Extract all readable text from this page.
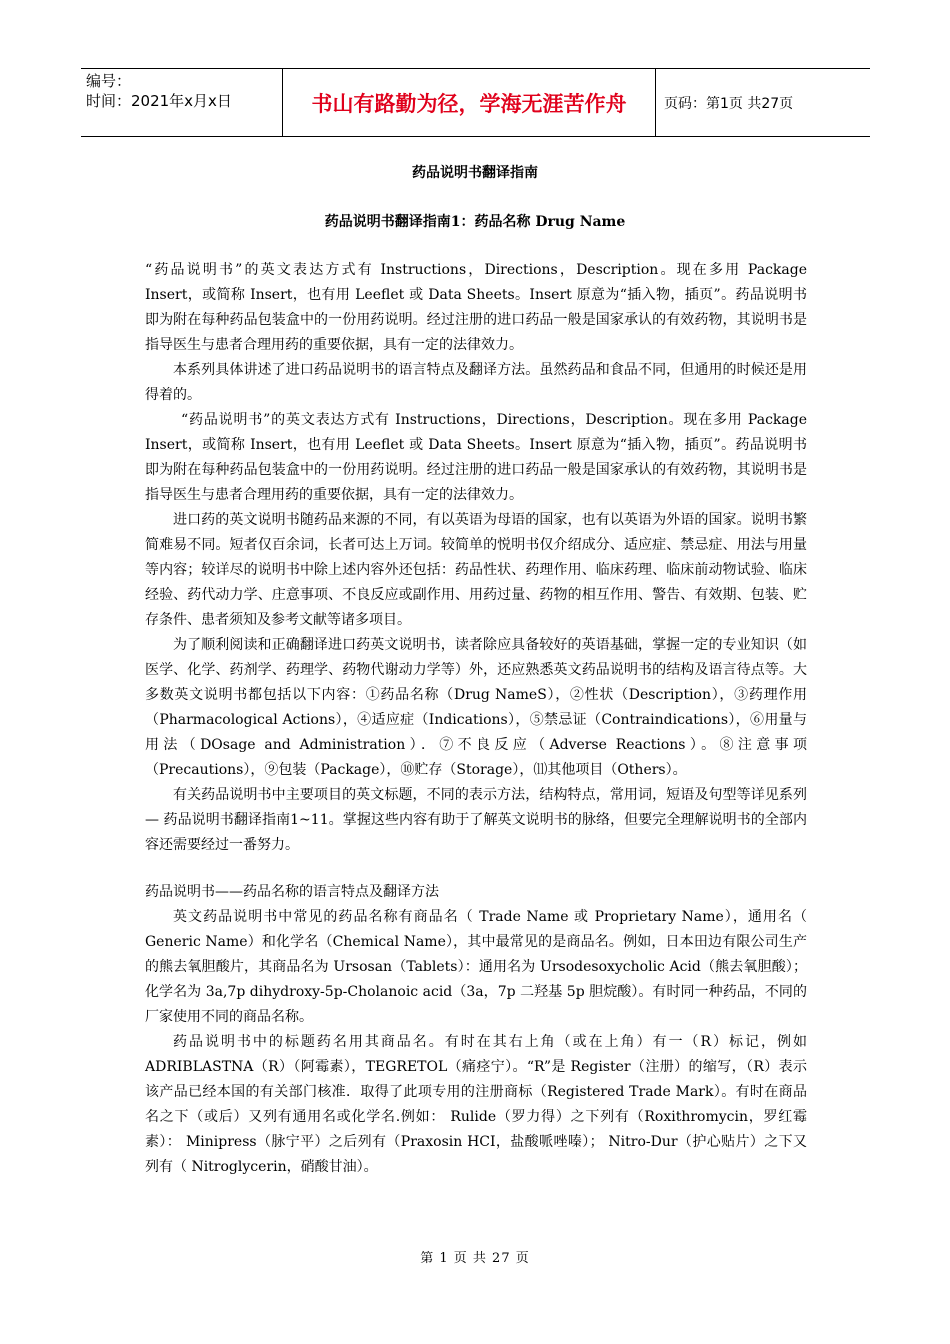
编号：
时间：2021年x月x日	书山有路勤为径，学海无涯苦作舟	页码：第1页 共27页
药品说明书翻译指南
药品说明书翻译指南1：药品名称 Drug Name

“药品说明书”的英文表达方式有 Instructions，Directions，Description。现在多用 Package Insert，或简称 Insert，也有用 Leeflet 或 Data Sheets。Insert 原意为“插入物，插页”。药品说明书即为附在每种药品包装盒中的一份用药说明。经过注册的进口药品一般是国家承认的有效药物，其说明书是指导医生与患者合理用药的重要依据，具有一定的法律效力。

本系列具体讲述了进口药品说明书的语言特点及翻译方法。虽然药品和食品不同，但通用的时候还是用得着的。

“药品说明书”的英文表达方式有 Instructions，Directions，Description。现在多用 Package Insert，或简称 Insert，也有用 Leeflet 或 Data Sheets。Insert 原意为“插入物，插页”。药品说明书即为附在每种药品包装盒中的一份用药说明。经过注册的进口药品一般是国家承认的有效药物，其说明书是指导医生与患者合理用药的重要依据，具有一定的法律效力。

进口药的英文说明书随药品来源的不同，有以英语为母语的国家，也有以英语为外语的国家。说明书繁简难易不同。短者仅百余词，长者可达上万词。较简单的悦明书仅介绍成分、适应症、禁忌症、用法与用量等内容；较详尽的说明书中除上述内容外还包括：药品性状、药理作用、临床药理、临床前动物试验、临床经验、药代动力学、庄意事项、不良反应或副作用、用药过量、药物的相互作用、警告、有效期、包装、贮存条件、患者须知及参考文献等诸多项目。

为了顺利阅读和正确翻译进口药英文说明书，读者除应具备较好的英语基础，掌握一定的专业知识（如医学、化学、药剂学、药理学、药物代谢动力学等）外，还应熟悉英文药品说明书的结构及语言待点等。大多数英文说明书都包括以下内容：①药品名称（Drug NameS），②性状（Description），③药理作用（Pharmacological Actions），④适应症（Indications），⑤禁忌证（Contraindications），⑥用量与用法（DOsage and Administration）．⑦不良反应（Adverse Reactions）。⑧注意事项（Precautions），⑨包装（Package），⑩贮存（Storage），⑾其他项目（Others）。

有关药品说明书中主要项目的英文标题，不同的表示方法，结构特点，常用词，短语及句型等详见系列 — 药品说明书翻译指南1~11。掌握这些内容有助于了解英文说明书的脉络，但要完全理解说明书的全部内容还需要经过一番努力。

药品说明书——药品名称的语言特点及翻译方法

英文药品说明书中常见的药品名称有商品名（ Trade Name 或 Proprietary Name），通用名（ Generic Name）和化学名（Chemical Name），其中最常见的是商品名。例如，日本田边有限公司生产的熊去氧胆酸片，其商品名为 Ursosan（Tablets）：通用名为 Ursodesoxycholic Acid（熊去氧胆酸）；化学名为 3a,7p dihydroxy-5p-Cholanoic acid（3a，7p 二羟基 5p 胆烷酸）。有时同一种药品，不同的厂家使用不同的商品名称。

药品说明书中的标题药名用其商品名。有时在其右上角（或在上角）有一（R）标记，例如 ADRIBLASTNA（R）（阿霉素），TEGRETOL（痛痉宁）。“R”是 Register（注册）的缩写，（R）表示该产品已经本国的有关部门核准．取得了此项专用的注册商标（Registered Trade Mark）。有时在商品名之下（或后）又列有通用名或化学名.例如： Rulide（罗力得）之下列有（Roxithromycin，罗红霉素）： Minipress（脉宁平）之后列有（Praxosin HCI，盐酸哌唑嗪）； Nitro-Dur（护心贴片）之下又列有（ Nitroglycerin，硝酸甘油）。

第 1 页 共 27 页
